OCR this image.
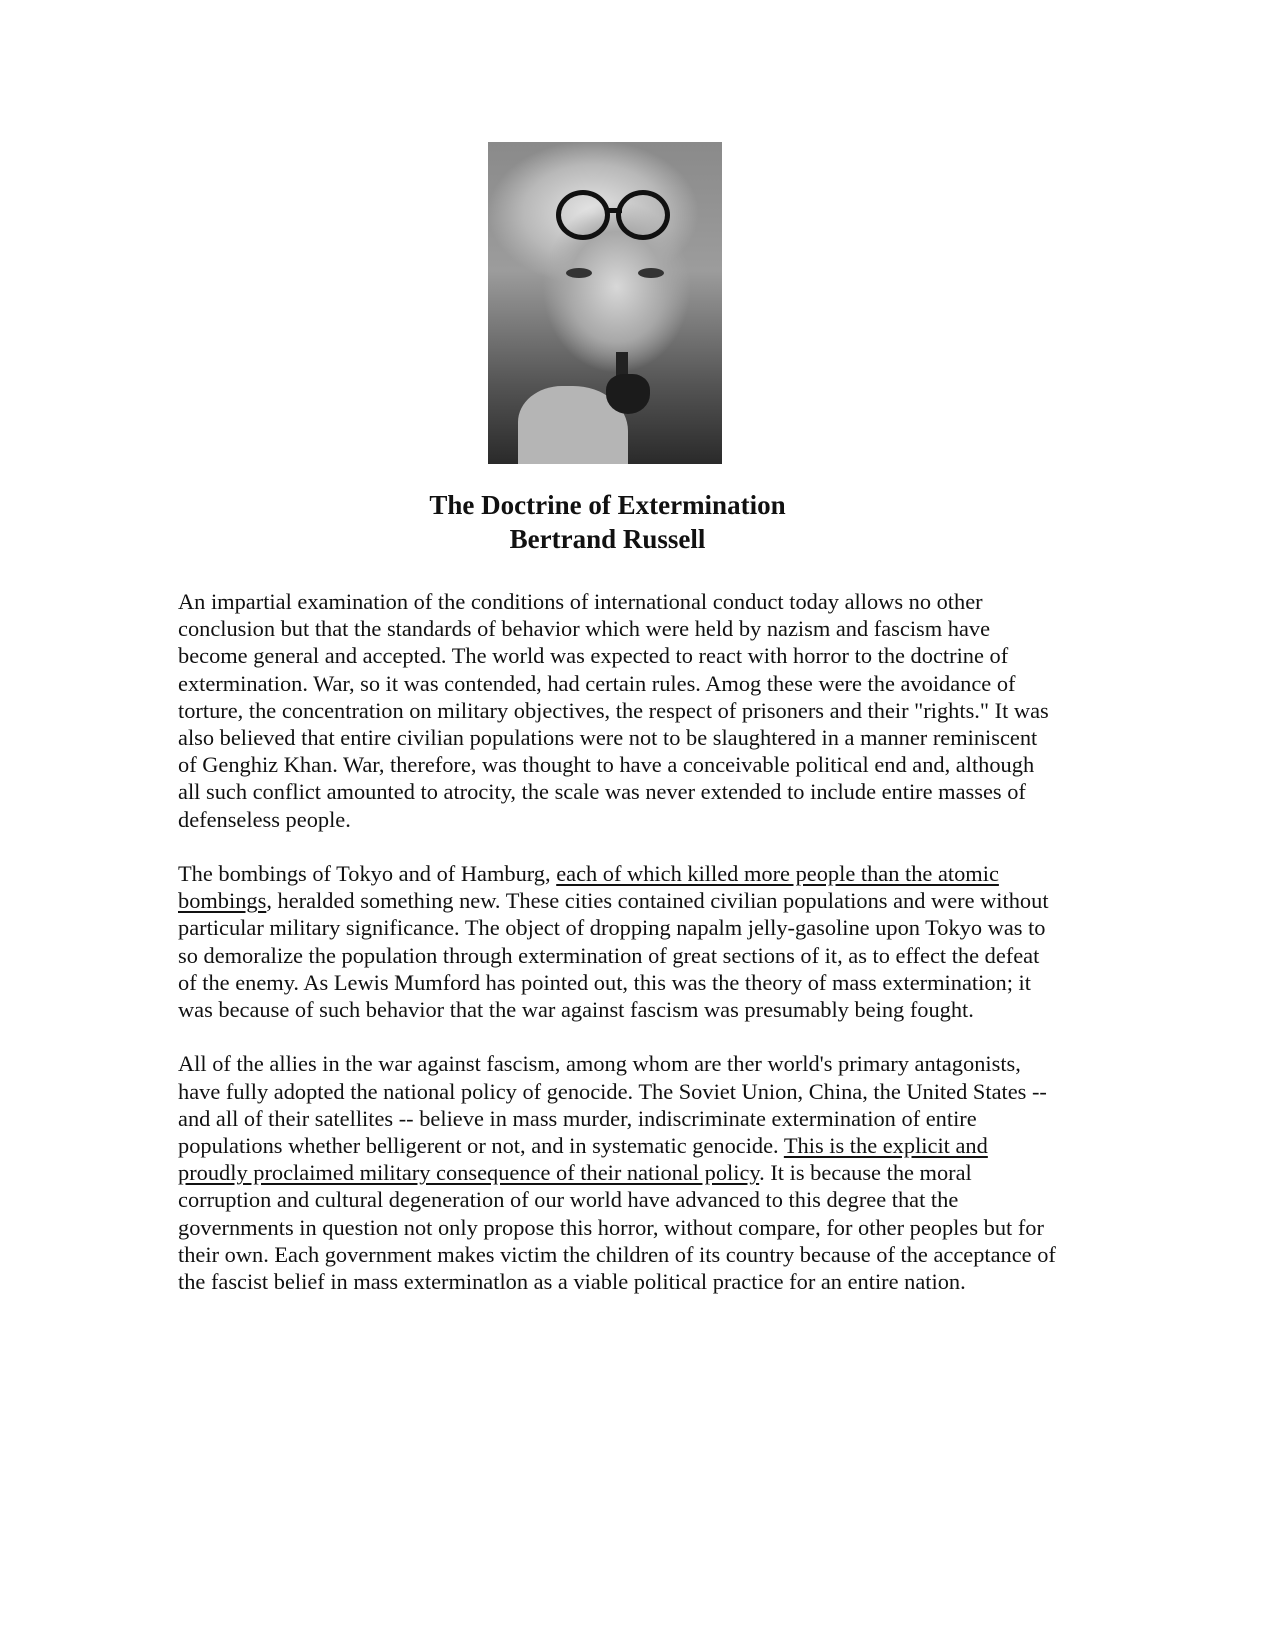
The Doctrine of Extermination
Bertrand Russell

An impartial examination of the conditions of international conduct today allows no other conclusion but that the standards of behavior which were held by nazism and fascism have become general and accepted. The world was expected to react with horror to the doctrine of extermination. War, so it was contended, had certain rules. Amog these were the avoidance of torture, the concentration on military objectives, the respect of prisoners and their "rights." It was also believed that entire civilian populations were not to be slaughtered in a manner reminiscent of Genghiz Khan. War, therefore, was thought to have a conceivable political end and, although all such conflict amounted to atrocity, the scale was never extended to include entire masses of defenseless people.

The bombings of Tokyo and of Hamburg, each of which killed more people than the atomic bombings, heralded something new. These cities contained civilian populations and were without particular military significance. The object of dropping napalm jelly-gasoline upon Tokyo was to so demoralize the population through extermination of great sections of it, as to effect the defeat of the enemy. As Lewis Mumford has pointed out, this was the theory of mass extermination; it was because of such behavior that the war against fascism was presumably being fought.

All of the allies in the war against fascism, among whom are ther world's primary antagonists, have fully adopted the national policy of genocide. The Soviet Union, China, the United States -- and all of their satellites -- believe in mass murder, indiscriminate extermination of entire populations whether belligerent or not, and in systematic genocide. This is the explicit and proudly proclaimed military consequence of their national policy. It is because the moral corruption and cultural degeneration of our world have advanced to this degree that the governments in question not only propose this horror, without compare, for other peoples but for their own. Each government makes victim the children of its country because of the acceptance of the fascist belief in mass exterminatlon as a viable political practice for an entire nation.
